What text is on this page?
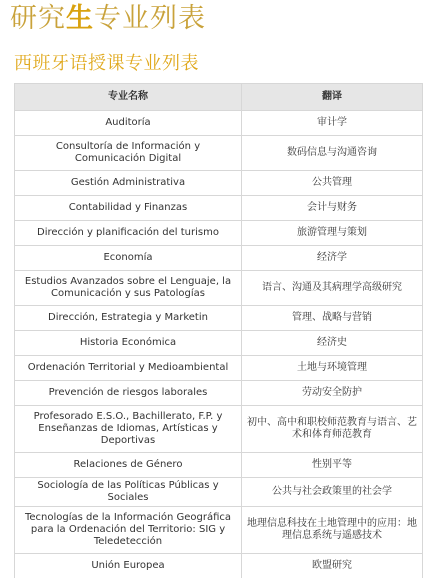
研究生专业列表
西班牙语授课专业列表
专业名称	翻译
Auditoría	审计学
Consultoría de Información y Comunicación Digital	数码信息与沟通咨询
Gestión Administrativa	公共管理
Contabilidad y Finanzas	会计与财务
Dirección y planificación del turismo	旅游管理与策划
Economía	经济学
Estudios Avanzados sobre el Lenguaje, la Comunicación y sus Patologías	语言、沟通及其病理学高级研究
Dirección, Estrategia y Marketin	管理、战略与营销
Historia Económica	经济史
Ordenación Territorial y Medioambiental	土地与环境管理
Prevención de riesgos laborales	劳动安全防护
Profesorado E.S.O., Bachillerato, F.P. y Enseñanzas de Idiomas, Artísticas y Deportivas	初中、高中和职校师范教育与语言、艺术和体育师范教育
Relaciones de Género	性别平等
Sociología de las Políticas Públicas y Sociales	公共与社会政策里的社会学
Tecnologías de la Información Geográfica para la Ordenación del Territorio: SIG y Teledetección	地理信息科技在土地管理中的应用：地理信息系统与遥感技术
Unión Europea	欧盟研究
